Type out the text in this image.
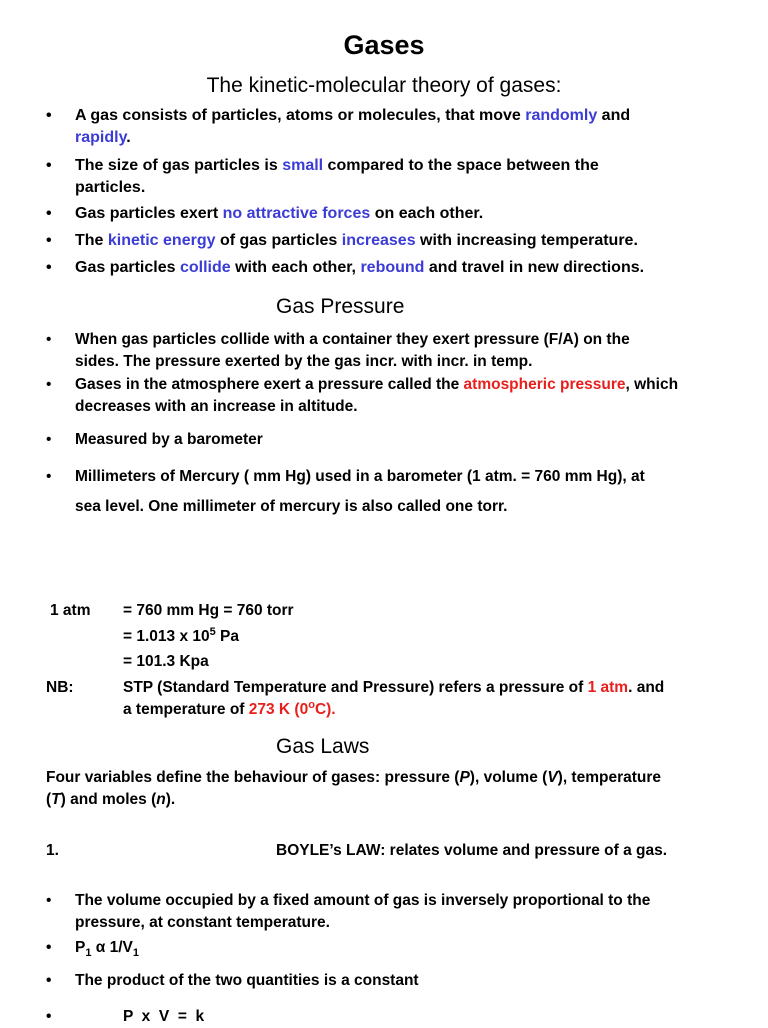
Gases
The kinetic-molecular theory of gases:
• A gas consists of particles, atoms or molecules, that move randomly and
rapidly.
• The size of gas particles is small compared to the space between the
particles.
• Gas particles exert no attractive forces on each other.
• The kinetic energy of gas particles increases with increasing temperature.
• Gas particles collide with each other, rebound and travel in new directions.
Gas Pressure
• When gas particles collide with a container they exert pressure (F/A) on the
sides. The pressure exerted by the gas incr. with incr. in temp.
• Gases in the atmosphere exert a pressure called the atmospheric pressure, which
decreases with an increase in altitude.
• Measured by a barometer
• Millimeters of Mercury ( mm Hg) used in a barometer (1 atm. = 760 mm Hg), at
sea level. One millimeter of mercury is also called one torr.
1 atm = 760 mm Hg = 760 torr
= 1.013 x $10^5$ Pa
= 101.3 Kpa
NB:	STP (Standard Temperature and Pressure) refers a pressure of 1 atm. and
a temperature of 273 K (0$^o$C).
Gas Laws
Four variables define the behaviour of gases: pressure (P), volume (V), temperature
(T) and moles (n).
1.	BOYLE’s LAW: relates volume and pressure of a gas.
• The volume occupied by a fixed amount of gas is inversely proportional to the
pressure, at constant temperature.
• $P_1$ α $1/V_1$
• The product of the two quantities is a constant
•	P  x  V  =  k
